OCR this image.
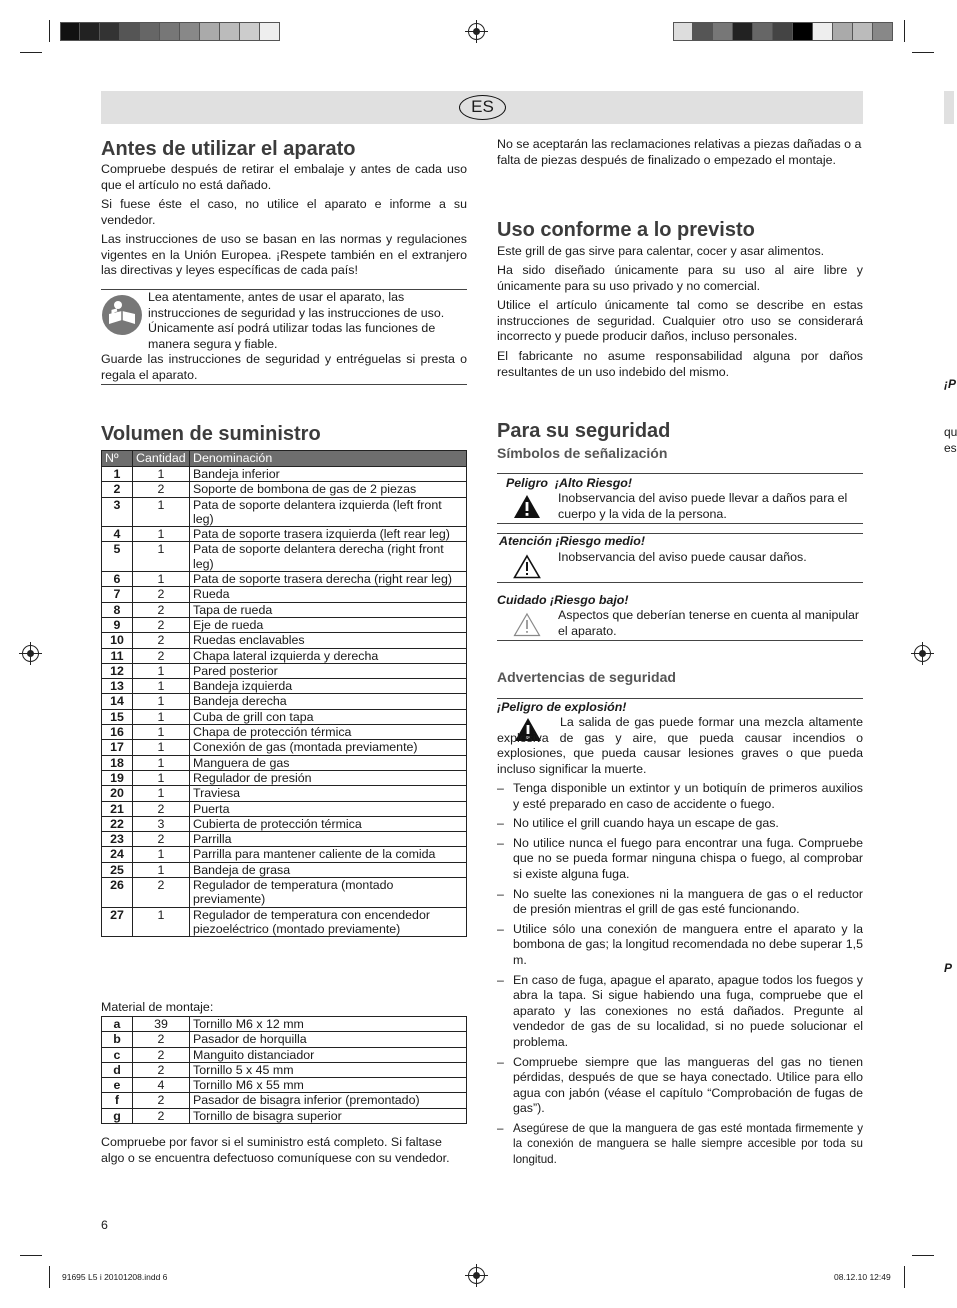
ES
Antes de utilizar el aparato
Compruebe después de retirar el embalaje y antes de cada uso que el artículo no está dañado.
Si fuese éste el caso, no utilice el aparato e informe a su vendedor.
Las instrucciones de uso se basan en las normas y regulaciones vigentes en la Unión Europea. ¡Respete también en el extranjero las directivas y leyes específicas de cada país!
Lea atentamente, antes de usar el aparato, las instrucciones de seguridad y las instrucciones de uso. Únicamente así podrá utilizar todas las funciones de manera segura y fiable.
Guarde las instrucciones de seguridad y entréguelas si presta o regala el aparato.
Volumen de suministro
Nº	Cantidad	Denominación
1	1	Bandeja inferior
2	2	Soporte de bombona de gas de 2 piezas
3	1	Pata de soporte delantera izquierda (left front leg)
4	1	Pata de soporte trasera izquierda (left rear leg)
5	1	Pata de soporte delantera derecha (right front leg)
6	1	Pata de soporte trasera derecha (right rear leg)
7	2	Rueda
8	2	Tapa de rueda
9	2	Eje de rueda
10	2	Ruedas enclavables
11	2	Chapa lateral izquierda y derecha
12	1	Pared posterior
13	1	Bandeja izquierda
14	1	Bandeja derecha
15	1	Cuba de grill con tapa
16	1	Chapa de protección térmica
17	1	Conexión de gas (montada previamente)
18	1	Manguera de gas
19	1	Regulador de presión
20	1	Traviesa
21	2	Puerta
22	3	Cubierta de protección térmica
23	2	Parrilla
24	1	Parrilla para mantener caliente de la comida
25	1	Bandeja de grasa
26	2	Regulador de temperatura (montado previamente)
27	1	Regulador de temperatura con encendedor piezoeléctrico (montado previamente)
Material de montaje:
a	39	Tornillo M6 x 12 mm
b	2	Pasador de horquilla
c	2	Manguito distanciador
d	2	Tornillo 5 x 45 mm
e	4	Tornillo M6 x 55 mm
f	2	Pasador de bisagra inferior (premontado)
g	2	Tornillo de bisagra superior
Compruebe por favor si el suministro está completo. Si faltase algo o se encuentra defectuoso comuníquese con su vendedor.
No se aceptarán las reclamaciones relativas a piezas dañadas o a falta de piezas después de finalizado o empezado el montaje.
Uso conforme a lo previsto
Este grill de gas sirve para calentar, cocer y asar alimentos.
Ha sido diseñado únicamente para su uso al aire libre y únicamente para su uso privado y no comercial.
Utilice el artículo únicamente tal como se describe en estas instrucciones de seguridad. Cualquier otro uso se considerará incorrecto y puede producir daños, incluso personales.
El fabricante no asume responsabilidad alguna por daños resultantes de un uso indebido del mismo.
Para su seguridad
Símbolos de señalización
Peligro  ¡Alto Riesgo!
Inobservancia del aviso puede llevar a daños para el cuerpo y la vida de la persona.
Atención ¡Riesgo medio!
Inobservancia del aviso puede causar daños.
Cuidado ¡Riesgo bajo!
Aspectos que deberían tenerse en cuenta al manipular el aparato.
Advertencias de seguridad
¡Peligro de explosión!
La salida de gas puede formar una mezcla altamente explosiva de gas y aire, que pueda causar incendios o explosiones, que pueda causar lesiones graves o que pueda incluso significar la muerte.
– Tenga disponible un extintor y un botiquín de primeros auxilios y esté preparado en caso de accidente o fuego.
– No utilice el grill cuando haya un escape de gas.
– No utilice nunca el fuego para encontrar una fuga. Compruebe que no se pueda formar ninguna chispa o fuego, al comprobar si existe alguna fuga.
– No suelte las conexiones ni la manguera de gas o el reductor de presión mientras el grill de gas esté funcionando.
– Utilice sólo una conexión de manguera entre el aparato y la bombona de gas; la longitud recomendada no debe superar 1,5 m.
– En caso de fuga, apague el aparato, apague todos los fuegos y abra la tapa. Si sigue habiendo una fuga, compruebe que el aparato y las conexiones no está dañados. Pregunte al vendedor de gas de su localidad, si no puede solucionar el problema.
– Compruebe siempre que las mangueras del gas no tienen pérdidas, después de que se haya conectado. Utilice para ello agua con jabón (véase el capítulo “Comprobación de fugas de gas”).
– Asegúrese de que la manguera de gas esté montada firmemente y la conexión de manguera se halle siempre accesible por toda su longitud.
¡P
qu
es
P
6
91695 L5 i 20101208.indd 6	08.12.10 12:49
